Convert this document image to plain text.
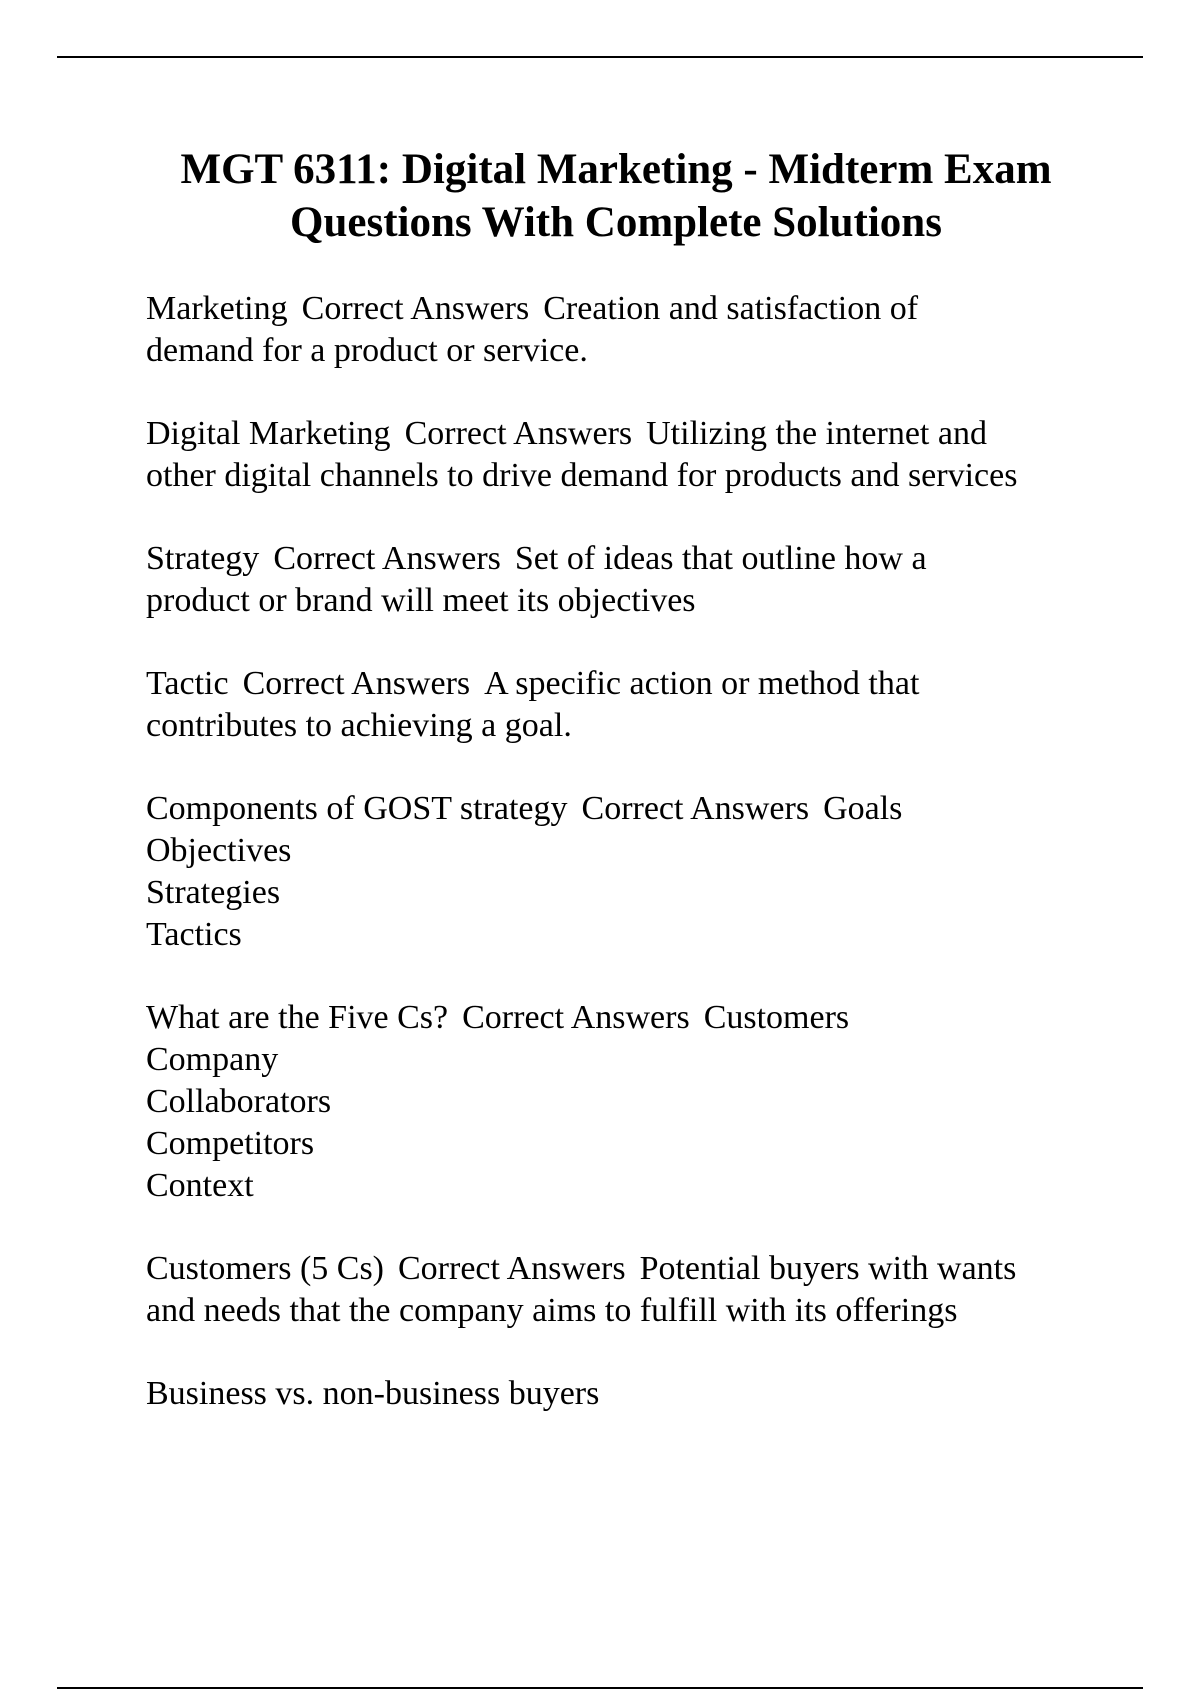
MGT 6311: Digital Marketing - Midterm Exam
Questions With Complete Solutions
Marketing Correct Answers Creation and satisfaction of
demand for a product or service.
Digital Marketing Correct Answers Utilizing the internet and
other digital channels to drive demand for products and services
Strategy Correct Answers Set of ideas that outline how a
product or brand will meet its objectives
Tactic Correct Answers A specific action or method that
contributes to achieving a goal.
Components of GOST strategy Correct Answers Goals
Objectives
Strategies
Tactics
What are the Five Cs? Correct Answers Customers
Company
Collaborators
Competitors
Context
Customers (5 Cs) Correct Answers Potential buyers with wants
and needs that the company aims to fulfill with its offerings
Business vs. non-business buyers
